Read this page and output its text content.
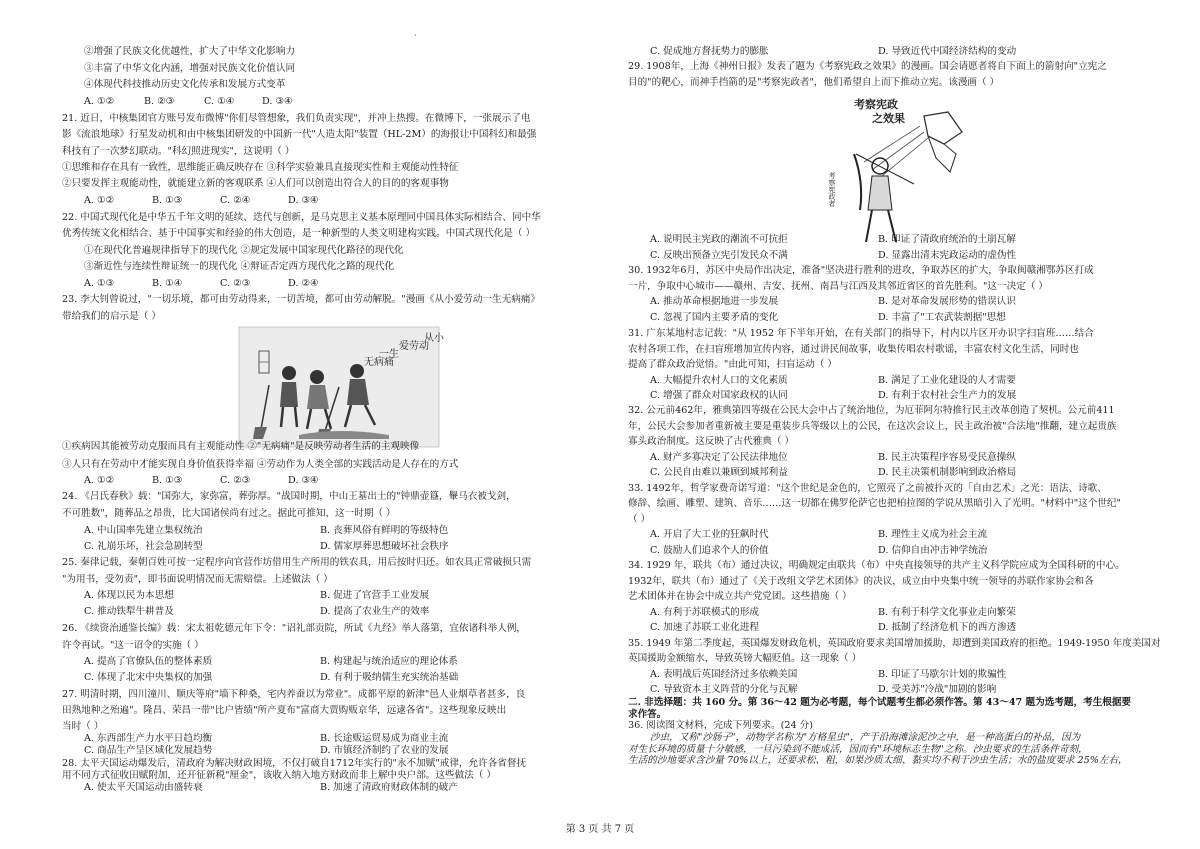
·
②增强了民族文化优越性，扩大了中华文化影响力
③丰富了中华文化内涵，增强对民族文化价值认同
④体现代科技推动历史文化传承和发展方式变革
A. ①②	B. ②③	C. ①④	D. ③④
21. 近日，中核集团官方账号发布微博"你们尽管想象，我们负责实现"，并冲上热搜。在微博下，一张展示了电
影《流浪地球》行星发动机和由中核集团研发的中国新一代"人造太阳"装置（HL-2M）的海报让中国科幻和最强
科技有了一次梦幻联动。"科幻照进现实"，这说明（ ）
①思维和存在具有一致性，思维能正确反映存在 ③科学实验兼具直接现实性和主观能动性特征
②只要发挥主观能动性，就能建立新的客观联系 ④人们可以创造出符合人的目的的客观事物
A. ①②	B. ①③	C. ②④	D. ③④
22. 中国式现代化是中华五千年文明的延续、迭代与创新，是马克思主义基本原理同中国具体实际相结合、同中华
优秀传统文化相结合、基于中国事实和经验的伟大创造，是一种新型的人类文明建构实践。中国式现代化是（ ）
①在现代化普遍规律指导下的现代化 ②规定发展中国家现代化路径的现代化
③渐近性与连续性辩证统一的现代化 ④辩证否定西方现代化之路的现代化
A. ①③	B. ①④	C. ②③	D. ②④
23. 李大钊曾说过，"一切乐境，都可由劳动得来，一切苦境，都可由劳动解脱。"漫画《从小爱劳动一生无病痛》
带给我们的启示是（ ）
从小
爱劳动
一生
无病痛
①疾病因其能被劳动克服而具有主观能动性 ②"无病痛"是反映劳动者生活的主观映像
③人只有在劳动中才能实现自身价值获得幸福 ④劳动作为人类全部的实践活动是人存在的方式
A. ①②	B. ①③	C. ②③	D. ③④
24. 《吕氏春秋》载："国弥大，家弥富，葬弥厚。"战国时期，中山王墓出土的"钟鼎壶簋，轝马衣被戈剑，
不可胜数"，随葬品之昂贵，比大国诸侯尚有过之。据此可推知，这一时期（ ）
A. 中山国率先建立集权统治	B. 丧葬风俗有鲜明的等级特色
C. 礼崩乐坏，社会急剧转型	D. 儒家厚葬思想破坏社会秩序
25. 秦律记载，秦朝百姓可按一定程序向官营作坊借用生产所用的铁农具，用后按时归还。如农具正常破损只需
"为用书，受勿责"，即书面说明情况而无需赔偿。上述做法（ ）
A. 体现以民为本思想	B. 促进了官营手工业发展
C. 推动铁犁牛耕普及	D. 提高了农业生产的效率
26. 《续资治通鉴长编》载：宋太祖乾德元年下令："诏礼部贡院，所试《九经》举人落第，宜依诸科举人例，
许令再试。"这一诏令的实施（ ）
A. 提高了官僚队伍的整体素质	B. 构建起与统治适应的理论体系
C. 体现了北宋中央集权的加强	D. 有利于吸纳儒生充实统治基础
27. 明清时期，四川潼川、顺庆等府"墙下种桑，宅内养蚕以为常业"。成都平原的新津"邑人业烟草者甚多，良
田熟地种之殆遍"。隆昌、荣昌一带"比户皆绩"所产夏布"富商大贾购贩京华，远逮各省"。这些现象反映出
当时（ ）
A. 东西部生产力水平日趋均衡	B. 长途贩运贸易成为商业主流
C. 商品生产呈区域化发展趋势	D. 市镇经济制约了农业的发展
28. 太平天国运动爆发后，清政府为解决财政困境，不仅打破自1712年实行的"永不加赋"戒律，允许各省督抚
用不同方式征收田赋附加，还开征新税"厘金"，该收入纳入地方财政而非上解中央户部。这些做法（ ）
A. 使太平天国运动由盛转衰	B. 加速了清政府财政体制的破产
C. 促成地方督抚势力的膨胀	D. 导致近代中国经济结构的变动
29. 1908年，上海《神州日报》发表了题为《考察宪政之效果》的漫画。国会请愿者将自下面上的箭射向"立宪之
目的"的靶心，而神手挡箭的是"考察宪政者"，他们希望自上而下推动立宪。该漫画（ ）
考察宪政
之效果
考察宪政者
A. 说明民主宪政的潮流不可抗拒	B. 印证了清政府统治的土崩瓦解
C. 反映出预备立宪引发民众不满	D. 显露出清末宪政运动的虚伪性
30. 1932年6月，苏区中央局作出决定，准备"坚决进行胜利的进攻，争取苏区的扩大，争取闽赣湘鄂苏区打成
一片，争取中心城市——赣州、吉安、抚州、南昌与江西及其邻近省区的首先胜利。"这一决定（ ）
A. 推动革命根据地进一步发展	B. 是对革命发展形势的错误认识
C. 忽视了国内主要矛盾的变化	D. 丰富了"工农武装割据"思想
31. 广东某地村志记载："从 1952 年下半年开始，在有关部门的指导下，村内以片区开办识字扫盲班……结合
农村各项工作，在扫盲班增加宣传内容，通过讲民间故事，收集传唱农村歌谣，丰富农村文化生活，同时也
提高了群众政治觉悟。"由此可知，扫盲运动（ ）
A. 大幅提升农村人口的文化素质	B. 满足了工业化建设的人才需要
C. 增强了群众对国家政权的认同	D. 有利于农村社会生产力的发展
32. 公元前462年，雅典第四等级在公民大会中占了统治地位，为厄菲阿尔特推行民主改革创造了契机。公元前411
年，公民大会参加者重新被主要是重装步兵等级以上的公民，在这次会议上，民主政治被"合法地"推翻，建立起贵族
寡头政治制度。这反映了古代雅典（ ）
A. 财产多寡决定了公民法律地位	B. 民主决策程序容易受民意操纵
C. 公民自由难以兼顾到城邦利益	D. 民主决策机制影响到政治格局
33. 1492年，哲学家费奇诺写道："这个世纪是金色的，它照亮了之前被扑灭的「自由艺术」之光：语法、诗歌、
修辞、绘画、雕塑、建筑、音乐……这一切都在佛罗伦萨它也把柏拉图的学说从黑暗引入了光明。"材料中"这个世纪"
（ ）
A. 开启了大工业的狂飙时代	B. 理性主义成为社会主流
C. 鼓励人们追求个人的价值	D. 信仰自由冲击神学统治
34. 1929 年，联共（布）通过决议，明确规定由联共（布）中央直接领导的共产主义科学院应成为全国科研的中心。
1932年，联共（布）通过了《关于改组文学艺术团体》的决议，成立由中央集中统一领导的苏联作家协会和各
艺术团体并在协会中成立共产党党团。这些措施（ ）
A. 有利于苏联模式的形成	B. 有利于科学文化事业走向繁荣
C. 加速了苏联工业化进程	D. 抵制了经济危机下的西方渗透
35. 1949 年第二季度起，英国爆发财政危机，英国政府要求美国增加援助，却遭到美国政府的拒绝。1949-1950 年度美国对
英国援助金额缩水，导致英镑大幅贬值。这一现象（ ）
A. 表明战后英国经济过多依赖美国	B. 印证了马歇尔计划的欺骗性
C. 导致资本主义阵营的分化与瓦解	D. 受美苏"冷战"加剧的影响
二. 非选择题：共 160 分。第 36～42 题为必考题，每个试题考生都必须作答。第 43～47 题为选考题，考生根据要
求作答。
36. 阅读图文材料，完成下列要求。(24 分)
沙虫，又称"沙肠子"，动物学名称为"方格星虫"，产于沿海滩涂泥沙之中，是一种高蛋白的补品，因为
对生长环境的质量十分敏感，一旦污染到不能成活，因而有"环境标志生物"之称。沙虫要求的生活条件苛刻，
生活的沙地要求含沙量 70%以上，还要求松、粗，如果沙质太细、黏实均不利于沙虫生活；水的盐度要求 25%左右，
第 3 页 共 7 页
